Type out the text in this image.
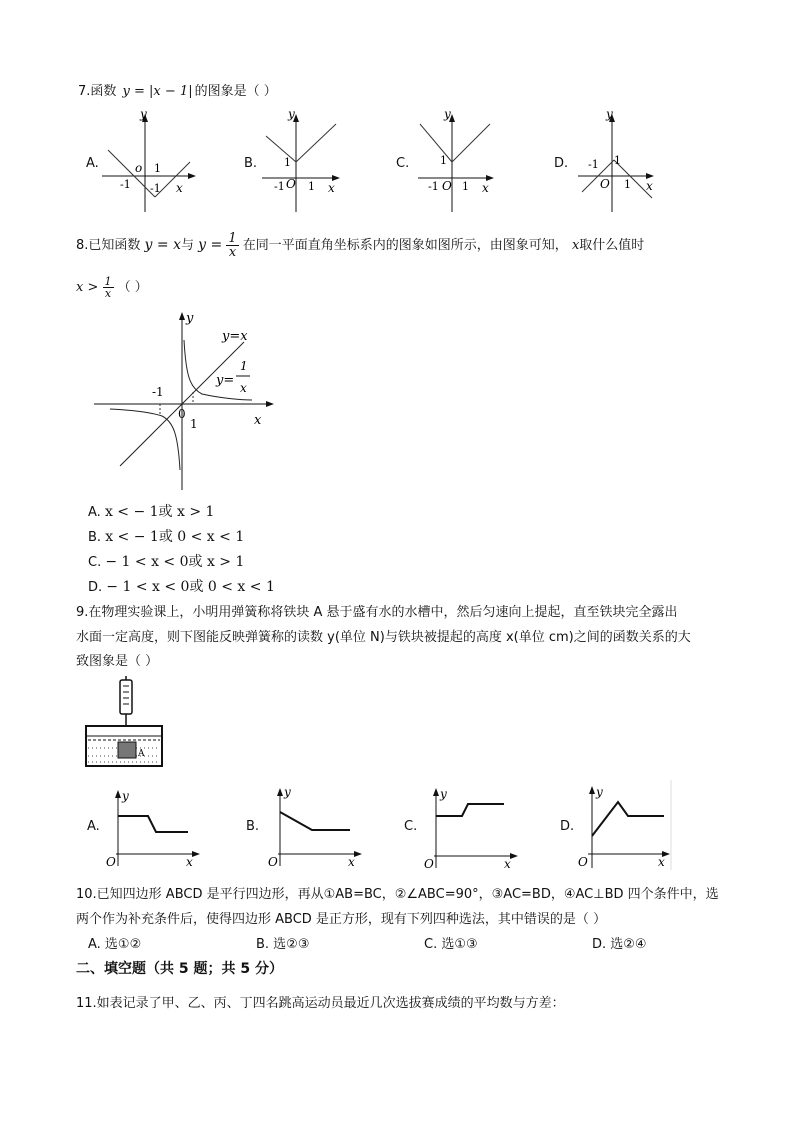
7.函数 y = |x − 1| 的图象是（ ）
A.
y
x
o 1
-1 -1
B.
y
x
1
-1 O 1
C.
y
x
1
-1 O 1
D.
y
x
-1 1
O 1
8.已知函数 y = x与 $y = \frac{1}{x}$ 在同一平面直角坐标系内的图象如图所示，由图象可知， x取什么值时
$x > \frac{1}{x}$ （ ）
y
x
y=x
y=
1
x
-1
0
1
A. x < − 1或 x > 1
B. x < − 1或 0 < x < 1
C. − 1 < x < 0或 x > 1
D. − 1 < x < 0或 0 < x < 1
9.在物理实验课上，小明用弹簧称将铁块 A 悬于盛有水的水槽中，然后匀速向上提起，直至铁块完全露出
水面一定高度，则下图能反映弹簧称的读数 y(单位 N)与铁块被提起的高度 x(单位 cm)之间的函数关系的大
致图象是（ ）
A
A.
y
x
O
B.
y
x
O
C.
y
x
O
D.
y
x
O
10.已知四边形 ABCD 是平行四边形，再从①AB=BC，②∠ABC=90°，③AC=BD，④AC⊥BD 四个条件中，选
两个作为补充条件后，使得四边形 ABCD 是正方形，现有下列四种选法，其中错误的是（ ）
A. 选①②	B. 选②③	C. 选①③	D. 选②④
二、填空题（共 5 题；共 5 分）
11.如表记录了甲、乙、丙、丁四名跳高运动员最近几次选拔赛成绩的平均数与方差：
